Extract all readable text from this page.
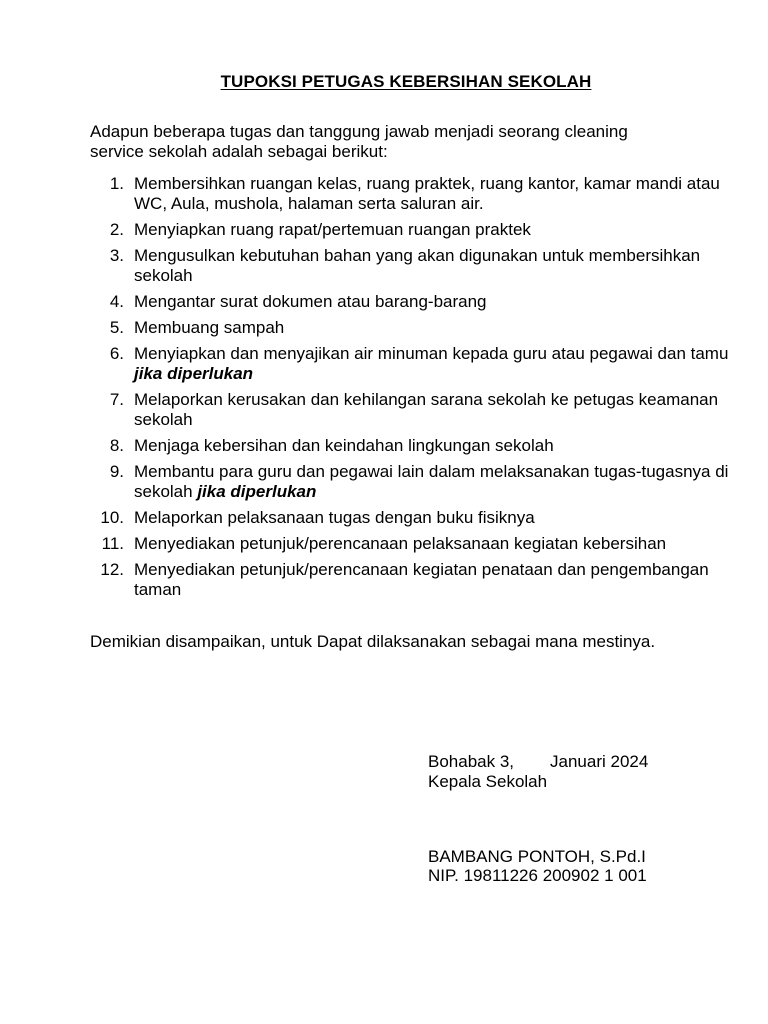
TUPOKSI PETUGAS KEBERSIHAN SEKOLAH
Adapun beberapa tugas dan tanggung jawab menjadi seorang cleaning service sekolah adalah sebagai berikut:
1. Membersihkan ruangan kelas, ruang praktek, ruang kantor, kamar mandi atau WC, Aula, mushola, halaman serta saluran air.
2. Menyiapkan ruang rapat/pertemuan ruangan praktek
3. Mengusulkan kebutuhan bahan yang akan digunakan untuk membersihkan sekolah
4. Mengantar surat dokumen atau barang-barang
5. Membuang sampah
6. Menyiapkan dan menyajikan air minuman kepada guru atau pegawai dan tamu jika diperlukan
7. Melaporkan kerusakan dan kehilangan sarana sekolah ke petugas keamanan sekolah
8. Menjaga kebersihan dan keindahan lingkungan sekolah
9. Membantu para guru dan pegawai lain dalam melaksanakan tugas-tugasnya di sekolah jika diperlukan
10. Melaporkan pelaksanaan tugas dengan buku fisiknya
11. Menyediakan petunjuk/perencanaan pelaksanaan kegiatan kebersihan
12. Menyediakan petunjuk/perencanaan kegiatan penataan dan pengembangan taman
Demikian disampaikan, untuk Dapat dilaksanakan sebagai mana mestinya.
Bohabak 3, Januari 2024
Kepala Sekolah
BAMBANG PONTOH, S.Pd.I
NIP. 19811226 200902 1 001
